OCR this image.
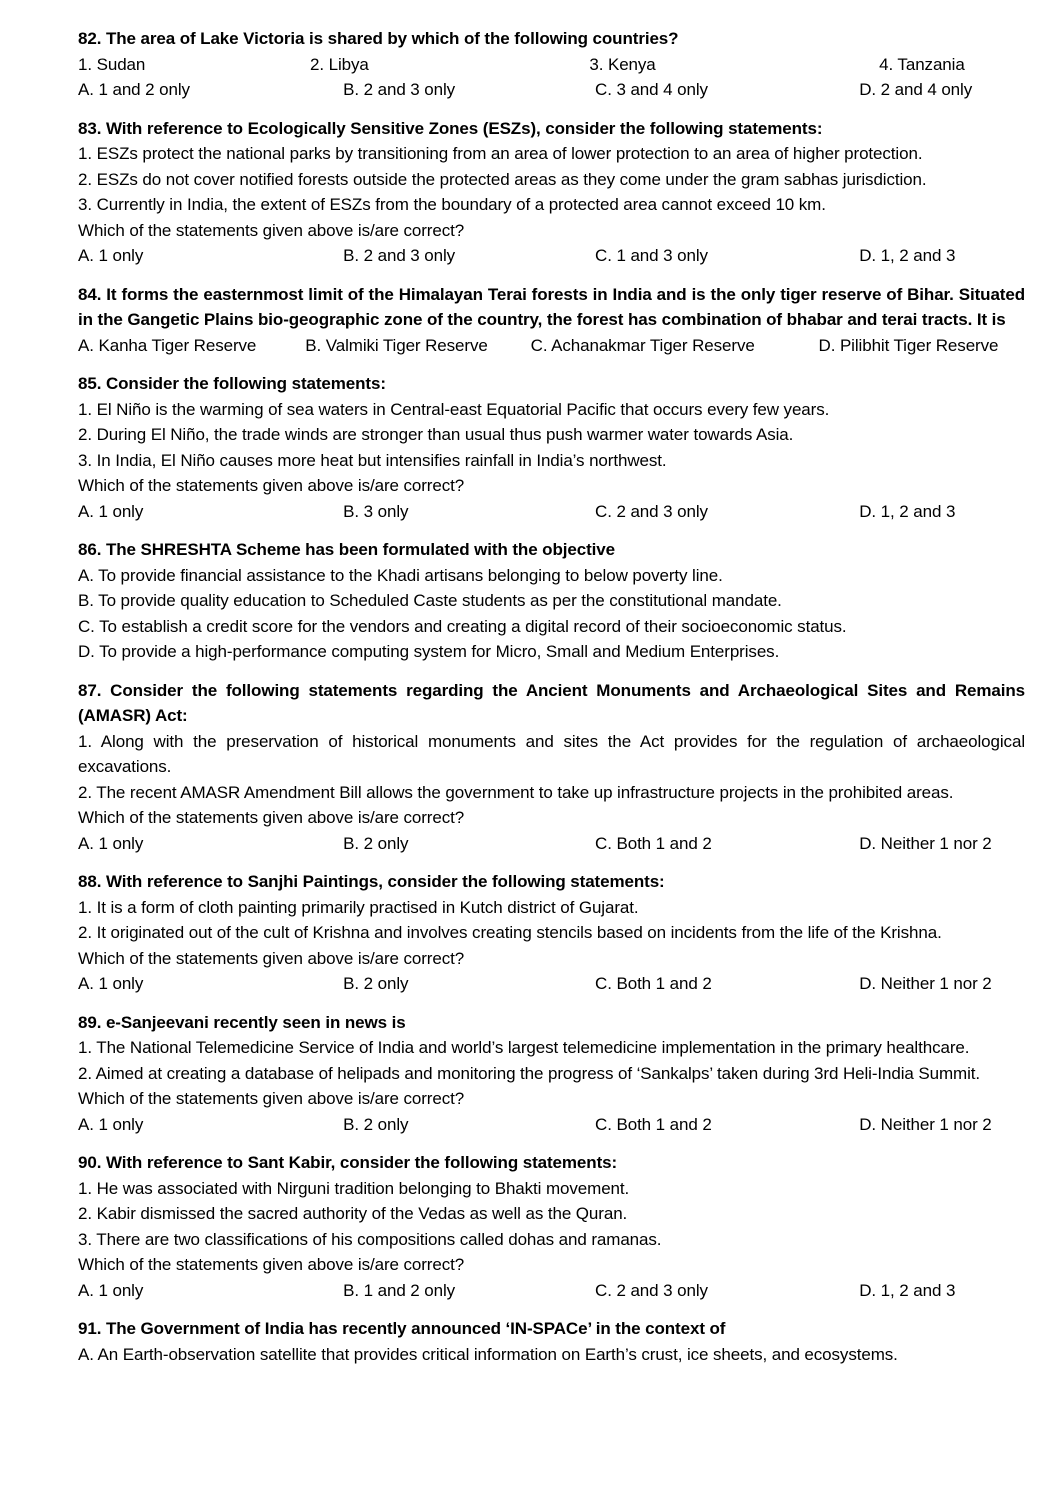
82. The area of Lake Victoria is shared by which of the following countries?
1. Sudan	2. Libya	3. Kenya	4. Tanzania
A. 1 and 2 only	B. 2 and 3 only	C. 3 and 4 only	D. 2 and 4 only
83. With reference to Ecologically Sensitive Zones (ESZs), consider the following statements:
1. ESZs protect the national parks by transitioning from an area of lower protection to an area of higher protection.
2. ESZs do not cover notified forests outside the protected areas as they come under the gram sabhas jurisdiction.
3. Currently in India, the extent of ESZs from the boundary of a protected area cannot exceed 10 km.
Which of the statements given above is/are correct?
A. 1 only	B. 2 and 3 only	C. 1 and 3 only	D. 1, 2 and 3
84. It forms the easternmost limit of the Himalayan Terai forests in India and is the only tiger reserve of Bihar. Situated in the Gangetic Plains bio-geographic zone of the country, the forest has combination of bhabar and terai tracts. It is
A. Kanha Tiger Reserve	B. Valmiki Tiger Reserve	C. Achanakmar Tiger Reserve	D. Pilibhit Tiger Reserve
85. Consider the following statements:
1. El Niño is the warming of sea waters in Central-east Equatorial Pacific that occurs every few years.
2. During El Niño, the trade winds are stronger than usual thus push warmer water towards Asia.
3. In India, El Niño causes more heat but intensifies rainfall in India’s northwest.
Which of the statements given above is/are correct?
A. 1 only	B. 3 only	C. 2 and 3 only	D. 1, 2 and 3
86. The SHRESHTA Scheme has been formulated with the objective
A. To provide financial assistance to the Khadi artisans belonging to below poverty line.
B. To provide quality education to Scheduled Caste students as per the constitutional mandate.
C. To establish a credit score for the vendors and creating a digital record of their socioeconomic status.
D. To provide a high-performance computing system for Micro, Small and Medium Enterprises.
87. Consider the following statements regarding the Ancient Monuments and Archaeological Sites and Remains (AMASR) Act:
1. Along with the preservation of historical monuments and sites the Act provides for the regulation of archaeological excavations.
2. The recent AMASR Amendment Bill allows the government to take up infrastructure projects in the prohibited areas.
Which of the statements given above is/are correct?
A. 1 only	B. 2 only	C. Both 1 and 2	D. Neither 1 nor 2
88. With reference to Sanjhi Paintings, consider the following statements:
1. It is a form of cloth painting primarily practised in Kutch district of Gujarat.
2. It originated out of the cult of Krishna and involves creating stencils based on incidents from the life of the Krishna.
Which of the statements given above is/are correct?
A. 1 only	B. 2 only	C. Both 1 and 2	D. Neither 1 nor 2
89. e-Sanjeevani recently seen in news is
1. The National Telemedicine Service of India and world’s largest telemedicine implementation in the primary healthcare.
2. Aimed at creating a database of helipads and monitoring the progress of ‘Sankalps’ taken during 3rd Heli-India Summit.
Which of the statements given above is/are correct?
A. 1 only	B. 2 only	C. Both 1 and 2	D. Neither 1 nor 2
90. With reference to Sant Kabir, consider the following statements:
1. He was associated with Nirguni tradition belonging to Bhakti movement.
2. Kabir dismissed the sacred authority of the Vedas as well as the Quran.
3. There are two classifications of his compositions called dohas and ramanas.
Which of the statements given above is/are correct?
A. 1 only	B. 1 and 2 only	C. 2 and 3 only	D. 1, 2 and 3
91. The Government of India has recently announced ‘IN-SPACe’ in the context of
A. An Earth-observation satellite that provides critical information on Earth’s crust, ice sheets, and ecosystems.
